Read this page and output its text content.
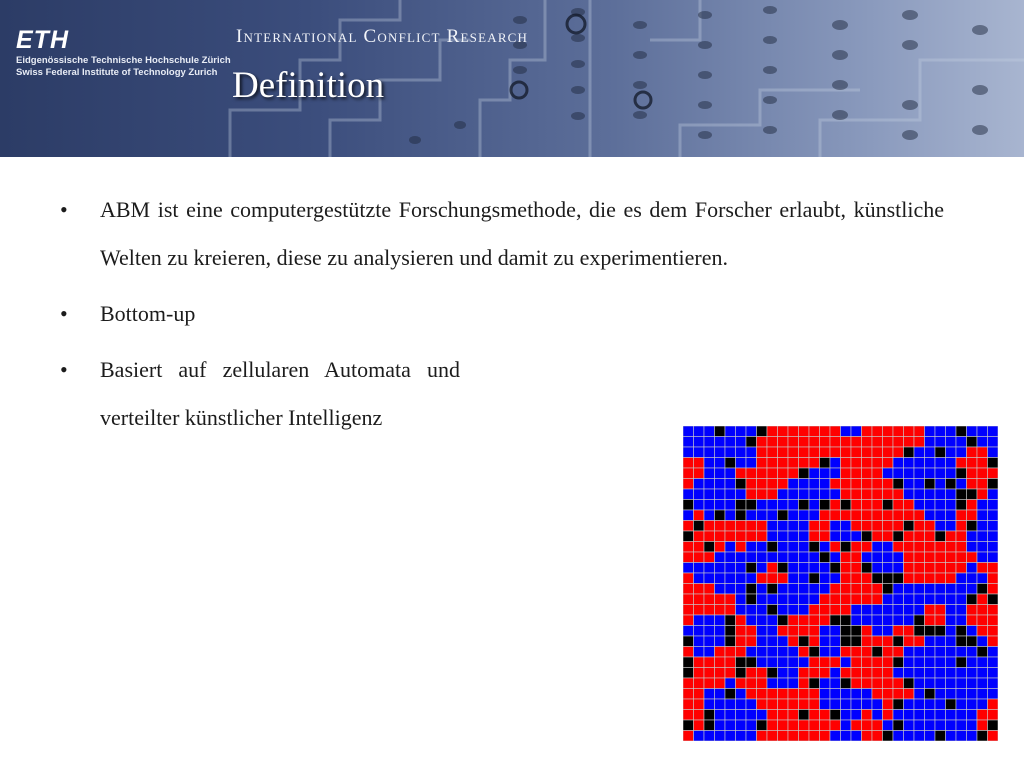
ETH
Eidgenössische Technische Hochschule Zürich
Swiss Federal Institute of Technology Zurich
International Conflict Research
Definition
• ABM ist eine computergestützte Forschungsmethode, die es dem Forscher erlaubt, künstliche Welten zu kreieren, diese zu analysieren und damit zu experimentieren.
• Bottom-up
• Basiert auf zellularen Automata und verteilter künstlicher Intelligenz
